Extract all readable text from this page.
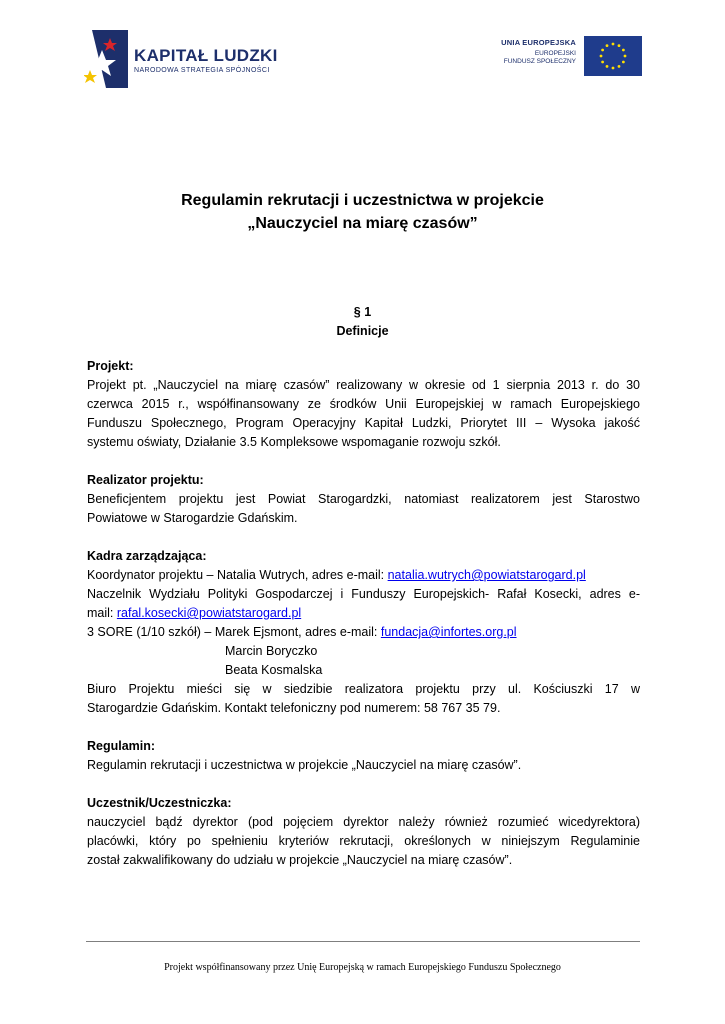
KAPITAŁ LUDZKI
NARODOWA STRATEGIA SPÓJNOŚCI
UNIA EUROPEJSKA
EUROPEJSKI
FUNDUSZ SPOŁECZNY
Regulamin rekrutacji i uczestnictwa w projekcie
„Nauczyciel na miarę czasów”
§ 1
Definicje

Projekt:

Projekt pt. „Nauczyciel na miarę czasów” realizowany w okresie od 1 sierpnia 2013 r. do 30

czerwca 2015 r., współfinansowany ze środków Unii Europejskiej w ramach Europejskiego

Funduszu Społecznego, Program Operacyjny Kapitał Ludzki, Priorytet III – Wysoka jakość

systemu oświaty, Działanie 3.5 Kompleksowe wspomaganie rozwoju szkół.

Realizator projektu:

Beneficjentem projektu jest Powiat Starogardzki, natomiast realizatorem jest Starostwo

Powiatowe w Starogardzie Gdańskim.

Kadra zarządzająca:

Koordynator projektu – Natalia Wutrych, adres e-mail: natalia.wutrych@powiatstarogard.pl

Naczelnik Wydziału Polityki Gospodarczej i Funduszy Europejskich- Rafał Kosecki, adres e-

mail: rafal.kosecki@powiatstarogard.pl

3 SORE (1/10 szkół) – Marek Ejsmont, adres e-mail: fundacja@infortes.org.pl

Marcin Boryczko

Beata Kosmalska

Biuro Projektu mieści się w siedzibie realizatora projektu przy ul. Kościuszki 17 w

Starogardzie Gdańskim. Kontakt telefoniczny pod numerem: 58 767 35 79.

Regulamin:

Regulamin rekrutacji i uczestnictwa w projekcie „Nauczyciel na miarę czasów”.

Uczestnik/Uczestniczka:

nauczyciel bądź dyrektor (pod pojęciem dyrektor należy również rozumieć wicedyrektora)

placówki, który po spełnieniu kryteriów rekrutacji, określonych w niniejszym Regulaminie

został zakwalifikowany do udziału w projekcie „Nauczyciel na miarę czasów”.

Projekt współfinansowany przez Unię Europejską w ramach Europejskiego Funduszu Społecznego
